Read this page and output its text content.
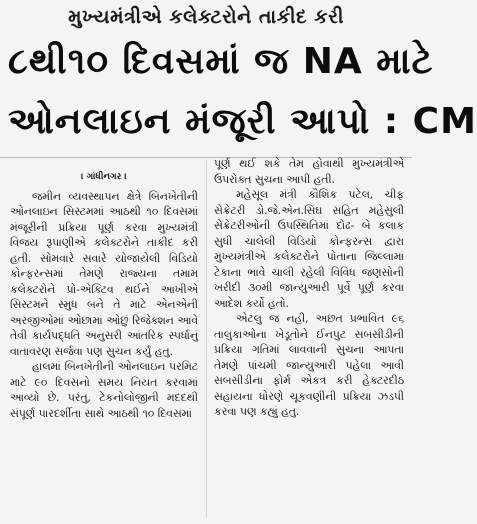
મુખ્યમંત્રીએ કલેક્ટરોને તાકીદ કરી
૮થી૧૦ દિવસમાં જ NA માટે
ઓનલાઇન મંજૂરી આપો : CM
। ગાંધીનગર ।

જમીન વ્યવસ્થાપન ક્ષેત્રે બિનખેતીની ઓનલાઇન સિસ્ટમમાં આઠથી ૧૦ દિવસમાં મંજૂરીની પ્રક્રિયા પૂર્ણ કરવા મુખ્યમંત્રી વિજય રૂપાણીએ કલેક્ટરોને તાકીદ કરી હતી. સોમવારે સવારે યોજાયેલી વિડિયો કોન્ફરન્સમાં તેમણે રાજ્યના તમામ કલેક્ટરોને પ્રો-એક્ટિવ થઈને આખીએ સિસ્ટમને સ્મુધ બને તે માટે એનએની અરજીઓમાં ઓછામાં ઓછું રિજેક્શન આવે તેવી કાર્યપદ્ધતિ અનુસરી આંતરિક સ્પર્ધાનું વાતાવરણ સર્જવા પણ સુચન કર્યું હતુ.

હાલમાં બિનખેતીની ઓનલાઇન પરમિટ માટે ૯૦ દિવસનો સમય નિયત કરવામાં આવ્યો છે. પરંતુ, ટેકનોલોજીની મદદથી સંપૂર્ણ પારદર્શીતા સાથે આઠથી ૧૦ દિવસમાં

પૂર્ણ થઈ શકે તેમ હોવાથી મુખ્યમંત્રીએ ઉપરોક્ત સુચના આપી હતી.

મહેસૂલ મંત્રી કૌશિક પટેલ, ચીફ સેક્રેટરી ડો.જે.એન.સિંઘ સહિત મહેસુલી સેક્રેટરીઓની ઉપસ્થિતિમાં દોઢ- બે કલાક સુધી ચાલેલી વિડિયો કોન્ફરન્સ દ્વારા મુખ્યમંત્રીએ કલેક્ટરોને પોતાના જિલ્લામાં ટેકાના ભાવે ચાલી રહેલી વિવિધ જણસોની ખરીદી ૩૦મી જાન્યુઆરી પૂર્વે પૂર્ણ કરવા આદેશ કર્યો હતો.

એટલુ જ નહી, અછત પ્રભાવિત ૯૬ તાલુકાઓના ખેડૂતોને ઈનપુટ સબસીડીની પ્રક્રિયા ગતિમાં લાવવાની સુચના આપતા તેમણે પાંચમી જાન્યુઆરી પહેલા આવી સબસીડીના ફોર્મ એકત્ર કરી હેક્ટરદીઠ સહાયના ધોરણે ચૂકવણીની પ્રક્રિયા ઝડપી કરવા પણ કહ્યું હતુ.
